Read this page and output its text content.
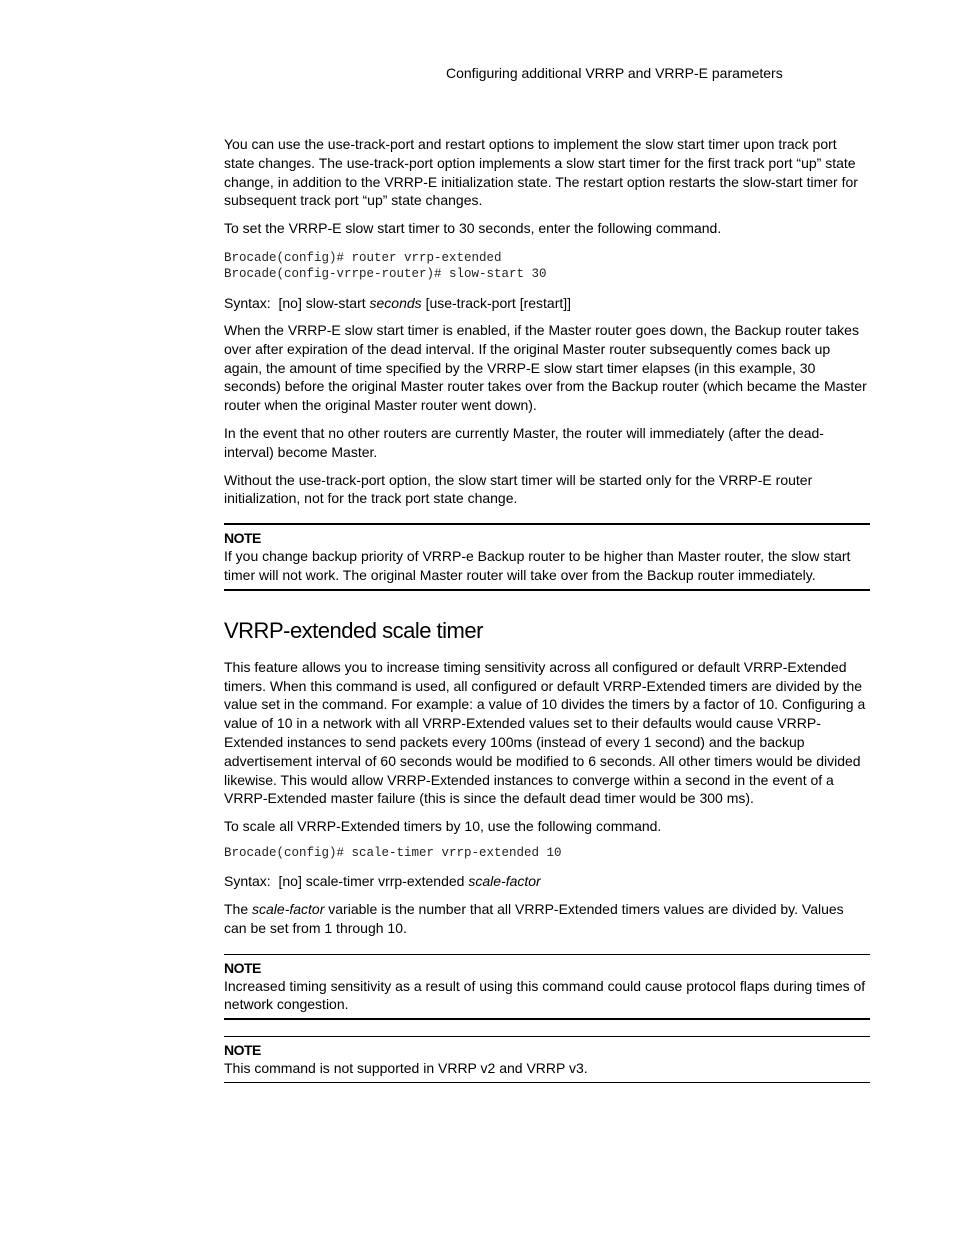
Configuring additional VRRP and VRRP-E parameters

You can use the use-track-port and restart options to implement the slow start timer upon track port state changes. The use-track-port option implements a slow start timer for the first track port “up” state change, in addition to the VRRP-E initialization state. The restart option restarts the slow-start timer for subsequent track port “up” state changes.

To set the VRRP-E slow start timer to 30 seconds, enter the following command.

Brocade(config)# router vrrp-extended
Brocade(config-vrrpe-router)# slow-start 30
Syntax: [no] slow-start seconds [use-track-port [restart]]

When the VRRP-E slow start timer is enabled, if the Master router goes down, the Backup router takes over after expiration of the dead interval. If the original Master router subsequently comes back up again, the amount of time specified by the VRRP-E slow start timer elapses (in this example, 30 seconds) before the original Master router takes over from the Backup router (which became the Master router when the original Master router went down).

In the event that no other routers are currently Master, the router will immediately (after the dead-interval) become Master.

Without the use-track-port option, the slow start timer will be started only for the VRRP-E router initialization, not for the track port state change.

NOTE
If you change backup priority of VRRP-e Backup router to be higher than Master router, the slow start timer will not work. The original Master router will take over from the Backup router immediately.
VRRP-extended scale timer

This feature allows you to increase timing sensitivity across all configured or default VRRP-Extended timers. When this command is used, all configured or default VRRP-Extended timers are divided by the value set in the command. For example: a value of 10 divides the timers by a factor of 10. Configuring a value of 10 in a network with all VRRP-Extended values set to their defaults would cause VRRP-Extended instances to send packets every 100ms (instead of every 1 second) and the backup advertisement interval of 60 seconds would be modified to 6 seconds. All other timers would be divided likewise. This would allow VRRP-Extended instances to converge within a second in the event of a VRRP-Extended master failure (this is since the default dead timer would be 300 ms).

To scale all VRRP-Extended timers by 10, use the following command.

Brocade(config)# scale-timer vrrp-extended 10
Syntax: [no] scale-timer vrrp-extended scale-factor

The scale-factor variable is the number that all VRRP-Extended timers values are divided by. Values can be set from 1 through 10.

NOTE
Increased timing sensitivity as a result of using this command could cause protocol flaps during times of network congestion.
NOTE
This command is not supported in VRRP v2 and VRRP v3.
